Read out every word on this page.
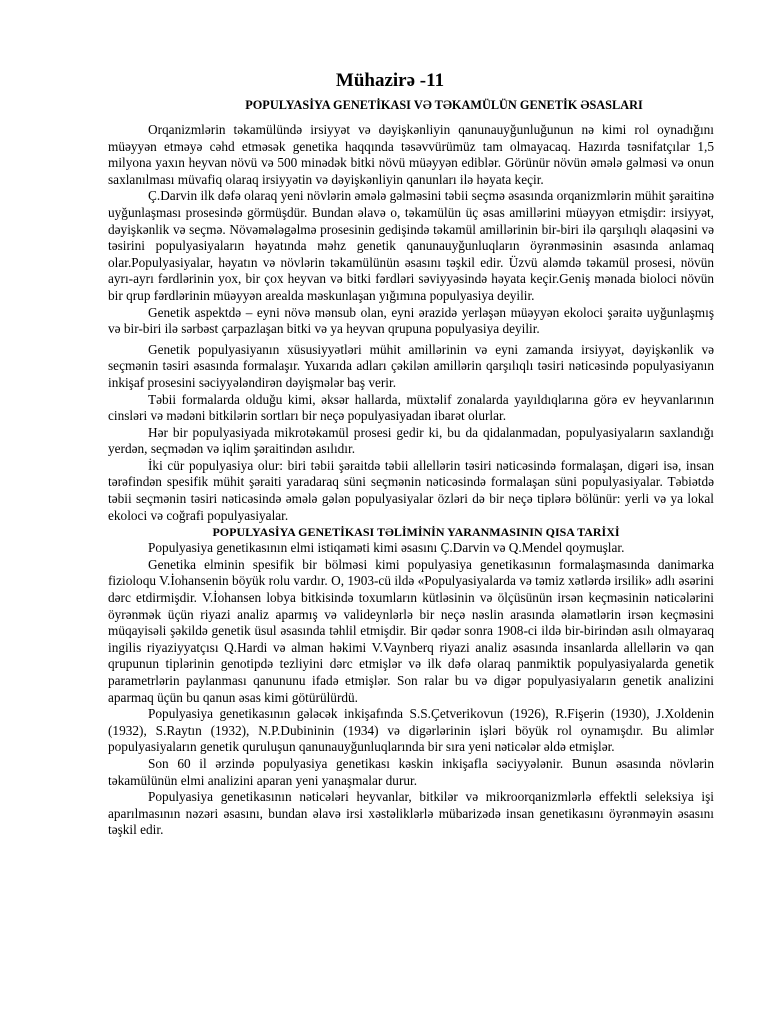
Mühazirə -11
POPULYASİYA GENETİKASI VƏ TƏKAMÜLÜN GENETİK ƏSASLARI

Orqanizmlərin təkamülündə irsiyyət və dəyişkənliyin qanunauyğunluğunun nə kimi rol oynadığını müəyyən etməyə cəhd etməsək genetika haqqında təsəvvürümüz tam olmayacaq. Hazırda təsnifatçılar 1,5 milyona yaxın heyvan növü və 500 minədək bitki növü müəyyən ediblər. Görünür növün əmələ gəlməsi və onun saxlanılması müvafiq olaraq irsiyyətin və dəyişkənliyin qanunları ilə həyata keçir.

Ç.Darvin ilk dəfə olaraq yeni növlərin əmələ gəlməsini təbii seçmə əsasında orqanizmlərin mühit şəraitinə uyğunlaşması prosesində görmüşdür. Bundan əlavə o, təkamülün üç əsas amillərini müəyyən etmişdir: irsiyyət, dəyişkənlik və seçmə. Növəmələgəlmə prosesinin gedişində təkamül amillərinin bir-biri ilə qarşılıqlı əlaqəsini və təsirini populyasiyaların həyatında məhz genetik qanunauyğunluqların öyrənməsinin əsasında anlamaq olar.Populyasiyalar, həyatın və növlərin təkamülünün əsasını təşkil edir. Üzvü aləmdə təkamül prosesi, növün ayrı-ayrı fərdlərinin yox, bir çox heyvan və bitki fərdləri səviyyəsində həyata keçir.Geniş mənada bioloci növün bir qrup fərdlərinin müəyyən arealda məskunlaşan yığımına populyasiya deyilir.

Genetik aspektdə – eyni növə mənsub olan, eyni ərazidə yerləşən müəyyən ekoloci şəraitə uyğunlaşmış və bir-biri ilə sərbəst çarpazlaşan bitki və ya heyvan qrupuna populyasiya deyilir.

Genetik populyasiyanın xüsusiyyətləri mühit amillərinin və eyni zamanda irsiyyət, dəyişkənlik və seçmənin təsiri əsasında formalaşır. Yuxarıda adları çəkilən amillərin qarşılıqlı təsiri nəticəsində populyasiyanın inkişaf prosesini səciyyələndirən dəyişmələr baş verir.

Təbii formalarda olduğu kimi, əksər hallarda, müxtəlif zonalarda yayıldıqlarına görə ev heyvanlarının cinsləri və mədəni bitkilərin sortları bir neçə populyasiyadan ibarət olurlar.

Hər bir populyasiyada mikrotəkamül prosesi gedir ki, bu da qidalanmadan, populyasiyaların saxlandığı yerdən, seçmədən və iqlim şəraitindən asılıdır.

İki cür populyasiya olur: biri təbii şəraitdə təbii allellərin təsiri nəticəsində formalaşan, digəri isə, insan tərəfindən spesifik mühit şəraiti yaradaraq süni seçmənin nəticəsində formalaşan süni populyasiyalar. Təbiətdə təbii seçmənin təsiri nəticəsində əmələ gələn populyasiyalar özləri də bir neçə tiplərə bölünür: yerli və ya lokal ekoloci və coğrafi populyasiyalar.

POPULYASİYA GENETİKASI TƏLİMİNİN YARANMASININ QISA TARİXİ

Populyasiya genetikasının elmi istiqaməti kimi əsasını Ç.Darvin və Q.Mendel qoymuşlar.

Genetika elminin spesifik bir bölməsi kimi populyasiya genetikasının formalaşmasında danimarka fizioloqu V.İohansenin böyük rolu vardır. O, 1903-cü ildə «Populyasiyalarda və təmiz xətlərdə irsilik» adlı əsərini dərc etdirmişdir. V.İohansen lobya bitkisində toxumların kütləsinin və ölçüsünün irsən keçməsinin nəticələrini öyrənmək üçün riyazi analiz aparmış və valideynlərlə bir neçə nəslin arasında əlamətlərin irsən keçməsini müqayisəli şəkildə genetik üsul əsasında təhlil etmişdir. Bir qədər sonra 1908-ci ildə bir-birindən asılı olmayaraq ingilis riyaziyyatçısı Q.Hardi və alman həkimi V.Vaynberq riyazi analiz əsasında insanlarda allellərin və qan qrupunun tiplərinin genotipdə tezliyini dərc etmişlər və ilk dəfə olaraq panmiktik populyasiyalarda genetik parametrlərin paylanması qanununu ifadə etmişlər. Son ralar bu və digər populyasiyaların genetik analizini aparmaq üçün bu qanun əsas kimi götürülürdü.

Populyasiya genetikasının gələcək inkişafında S.S.Çetverikovun (1926), R.Fişerin (1930), J.Xoldenin (1932), S.Raytın (1932), N.P.Dubininin (1934) və digərlərinin işləri böyük rol oynamışdır. Bu alimlər populyasiyaların genetik quruluşun qanunauyğunluqlarında bir sıra yeni nəticələr əldə etmişlər.

Son 60 il ərzində populyasiya genetikası kəskin inkişafla səciyyələnir. Bunun əsasında növlərin təkamülünün elmi analizini aparan yeni yanaşmalar durur.

Populyasiya genetikasının nəticələri heyvanlar, bitkilər və mikroorqanizmlərlə effektli seleksiya işi aparılmasının nəzəri əsasını, bundan əlavə irsi xəstəliklərlə mübarizədə insan genetikasını öyrənməyin əsasını təşkil edir.
